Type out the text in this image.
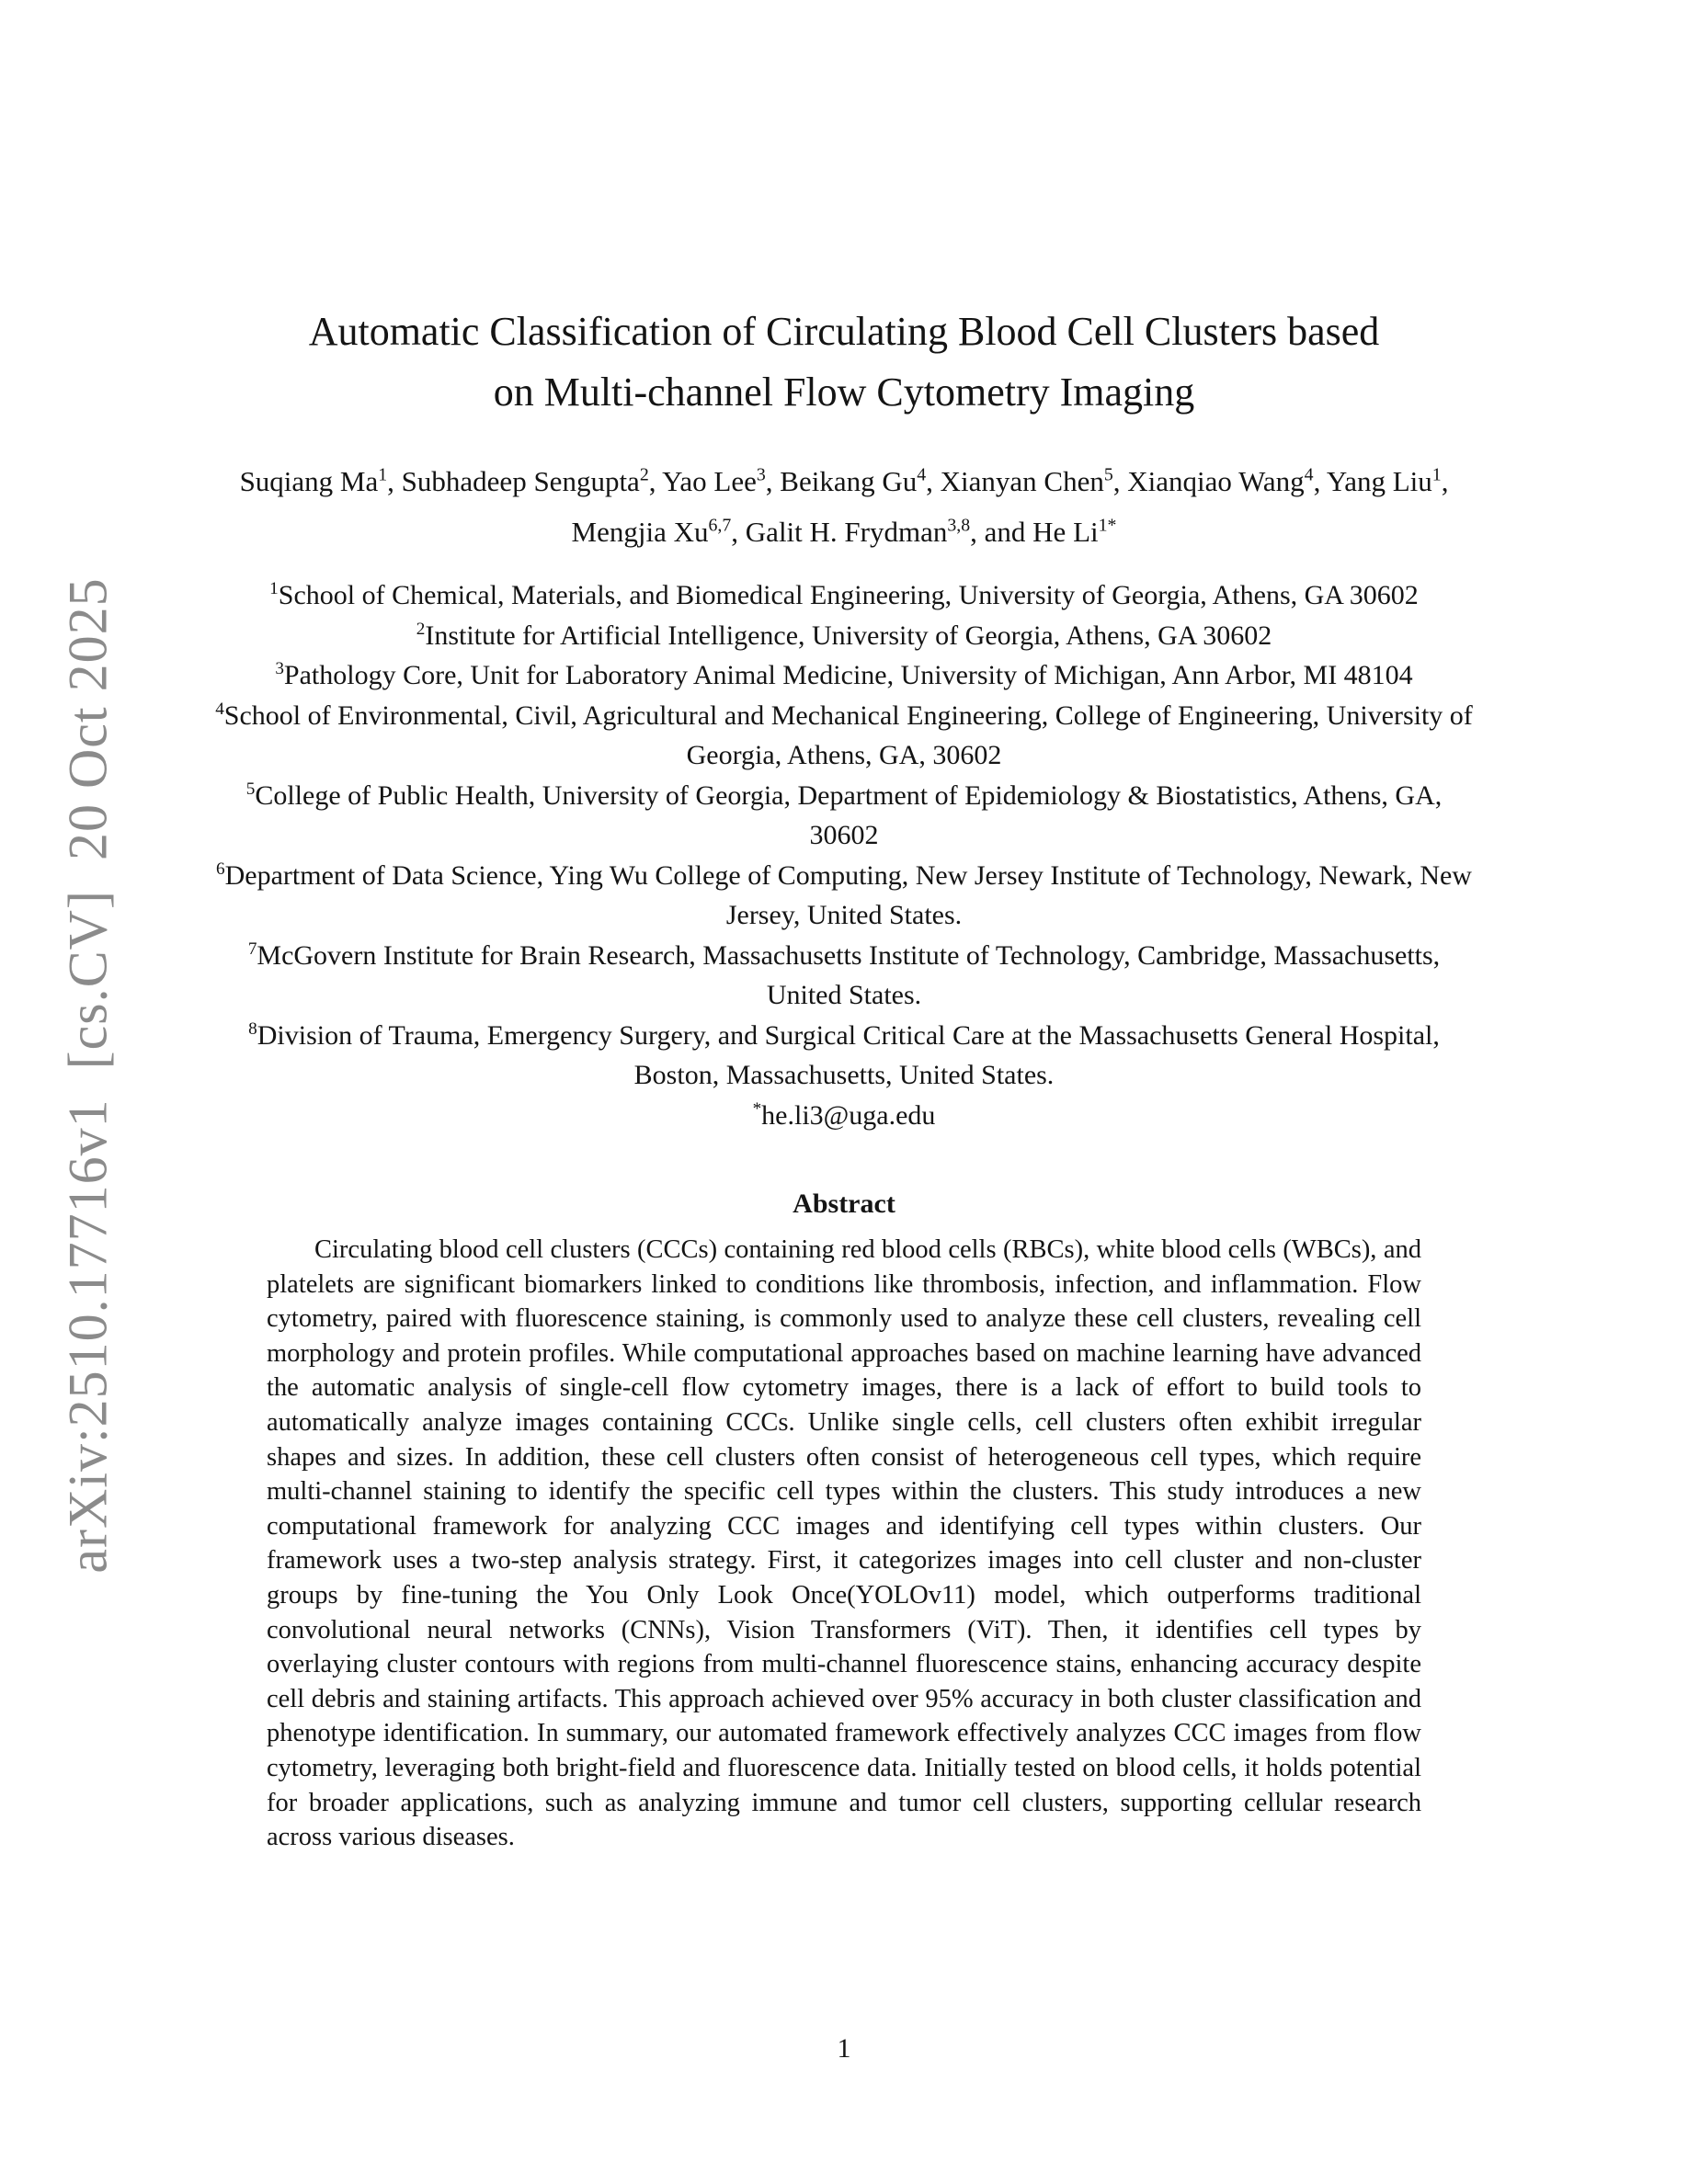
arXiv:2510.17716v1  [cs.CV]  20 Oct 2025
Automatic Classification of Circulating Blood Cell Clusters based
on Multi-channel Flow Cytometry Imaging
Suqiang Ma$^1$, Subhadeep Sengupta$^2$, Yao Lee$^3$, Beikang Gu$^4$, Xianyan Chen$^5$, Xianqiao Wang$^4$, Yang Liu$^1$, Mengjia Xu$^{6,7}$, Galit H. Frydman$^{3,8}$, and He $Li^{1*}$
$^1$School of Chemical, Materials, and Biomedical Engineering, University of Georgia, Athens, GA 30602
$^2$Institute for Artificial Intelligence, University of Georgia, Athens, GA 30602
$^3$Pathology Core, Unit for Laboratory Animal Medicine, University of Michigan, Ann Arbor, MI 48104
$^4$School of Environmental, Civil, Agricultural and Mechanical Engineering, College of Engineering, University of Georgia, Athens, GA, 30602
$^5$College of Public Health, University of Georgia, Department of Epidemiology & Biostatistics, Athens, GA, 30602
$^6$Department of Data Science, Ying Wu College of Computing, New Jersey Institute of Technology, Newark, New Jersey, United States.
$^7$McGovern Institute for Brain Research, Massachusetts Institute of Technology, Cambridge, Massachusetts, United States.
$^8$Division of Trauma, Emergency Surgery, and Surgical Critical Care at the Massachusetts General Hospital, Boston, Massachusetts, United States.
*he.li3@uga.edu
Abstract
Circulating blood cell clusters (CCCs) containing red blood cells (RBCs), white blood cells (WBCs), and platelets are significant biomarkers linked to conditions like thrombosis, infection, and inflammation. Flow cytometry, paired with fluorescence staining, is commonly used to analyze these cell clusters, revealing cell morphology and protein profiles. While computational approaches based on machine learning have advanced the automatic analysis of single-cell flow cytometry images, there is a lack of effort to build tools to automatically analyze images containing CCCs. Unlike single cells, cell clusters often exhibit irregular shapes and sizes. In addition, these cell clusters often consist of heterogeneous cell types, which require multi-channel staining to identify the specific cell types within the clusters. This study introduces a new computational framework for analyzing CCC images and identifying cell types within clusters. Our framework uses a two-step analysis strategy. First, it categorizes images into cell cluster and non-cluster groups by fine-tuning the You Only Look Once(YOLOv11) model, which outperforms traditional convolutional neural networks (CNNs), Vision Transformers (ViT). Then, it identifies cell types by overlaying cluster contours with regions from multi-channel fluorescence stains, enhancing accuracy despite cell debris and staining artifacts. This approach achieved over 95% accuracy in both cluster classification and phenotype identification. In summary, our automated framework effectively analyzes CCC images from flow cytometry, leveraging both bright-field and fluorescence data. Initially tested on blood cells, it holds potential for broader applications, such as analyzing immune and tumor cell clusters, supporting cellular research across various diseases.
1
